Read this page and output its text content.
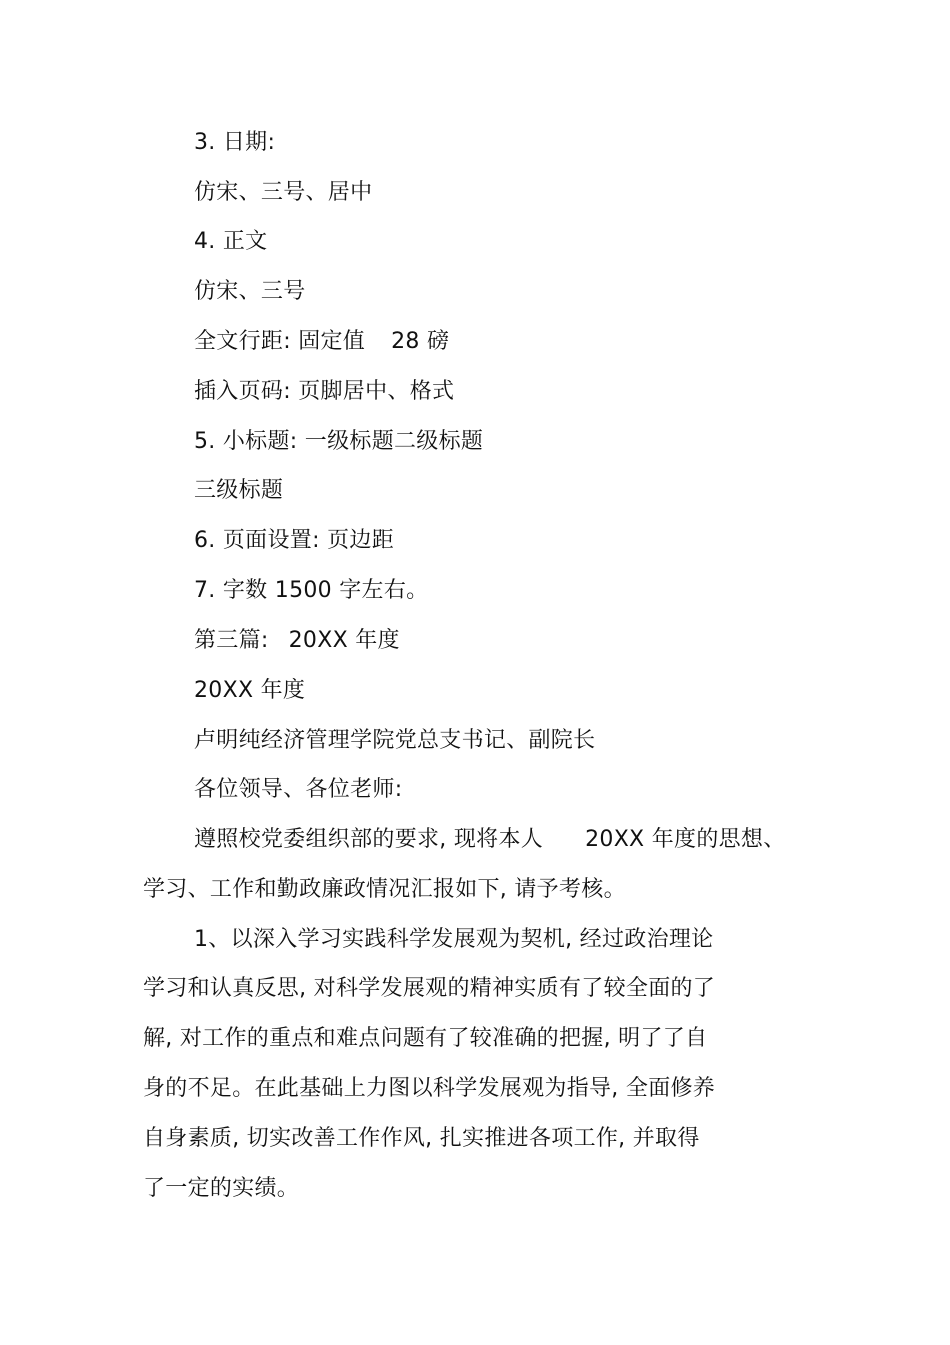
3. 日期:
仿宋、三号、居中
4. 正文
仿宋、三号
全文行距: 固定值 28 磅
插入页码: 页脚居中、格式
5. 小标题: 一级标题二级标题
三级标题
6. 页面设置: 页边距
7. 字数 1500 字左右。
第三篇: 20XX 年度
20XX 年度
卢明纯经济管理学院党总支书记、副院长
各位领导、各位老师:
遵照校党委组织部的要求, 现将本人 20XX 年度的思想、
学习、工作和勤政廉政情况汇报如下, 请予考核。
1、以深入学习实践科学发展观为契机, 经过政治理论
学习和认真反思, 对科学发展观的精神实质有了较全面的了
解, 对工作的重点和难点问题有了较准确的把握, 明了了自
身的不足。在此基础上力图以科学发展观为指导, 全面修养
自身素质, 切实改善工作作风, 扎实推进各项工作, 并取得
了一定的实绩。
